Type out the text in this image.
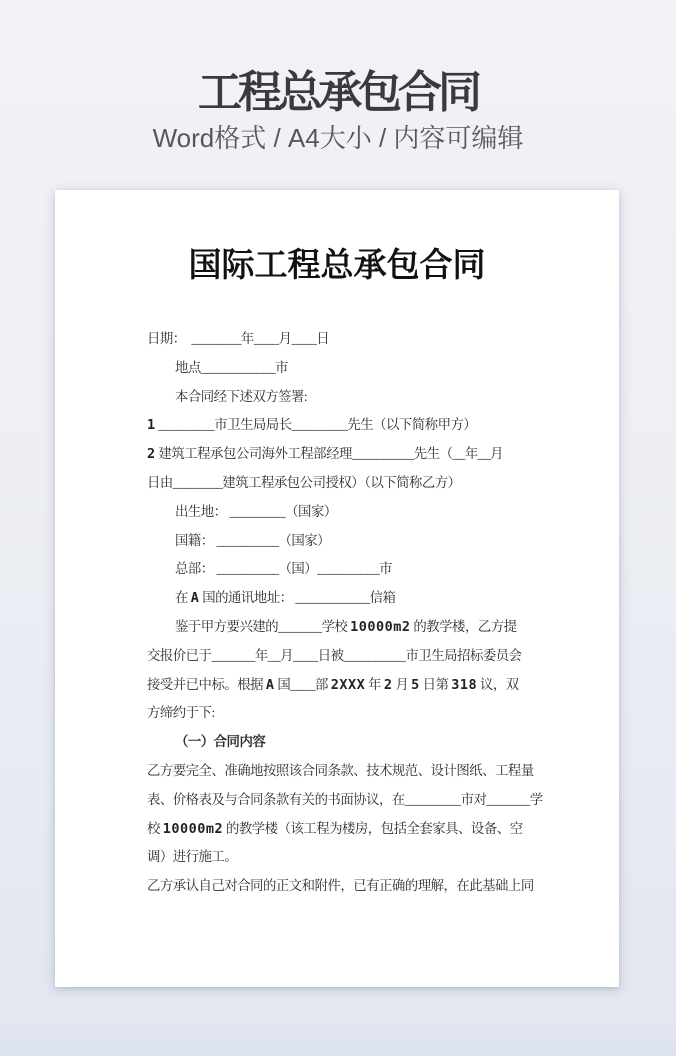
工程总承包合同
Word格式 / A4大小 / 内容可编辑
国际工程总承包合同
日期：  ________年____月____日
地点____________市
本合同经下述双方签署:
1 _________市卫生局局长_________先生（以下简称甲方）
2 建筑工程承包公司海外工程部经理__________先生（__年__月
日由________建筑工程承包公司授权）（以下简称乙方）
出生地： _________（国家）
国籍： __________（国家）
总部： __________（国）__________市
在 A 国的通讯地址： ____________信箱
鉴于甲方要兴建的_______学校 10000m2 的教学楼，乙方提
交报价已于_______年__月____日被__________市卫生局招标委员会
接受并已中标。根据 A 国____部 2XXX 年 2 月 5 日第 318 议，双
方缔约于下:
（一）合同内容
乙方要完全、准确地按照该合同条款、技术规范、设计图纸、工程量
表、价格表及与合同条款有关的书面协议，在_________市对_______学
校 10000m2 的教学楼（该工程为楼房，包括全套家具、设备、空
调）进行施工。
乙方承认自己对合同的正文和附件，已有正确的理解，在此基础上同
